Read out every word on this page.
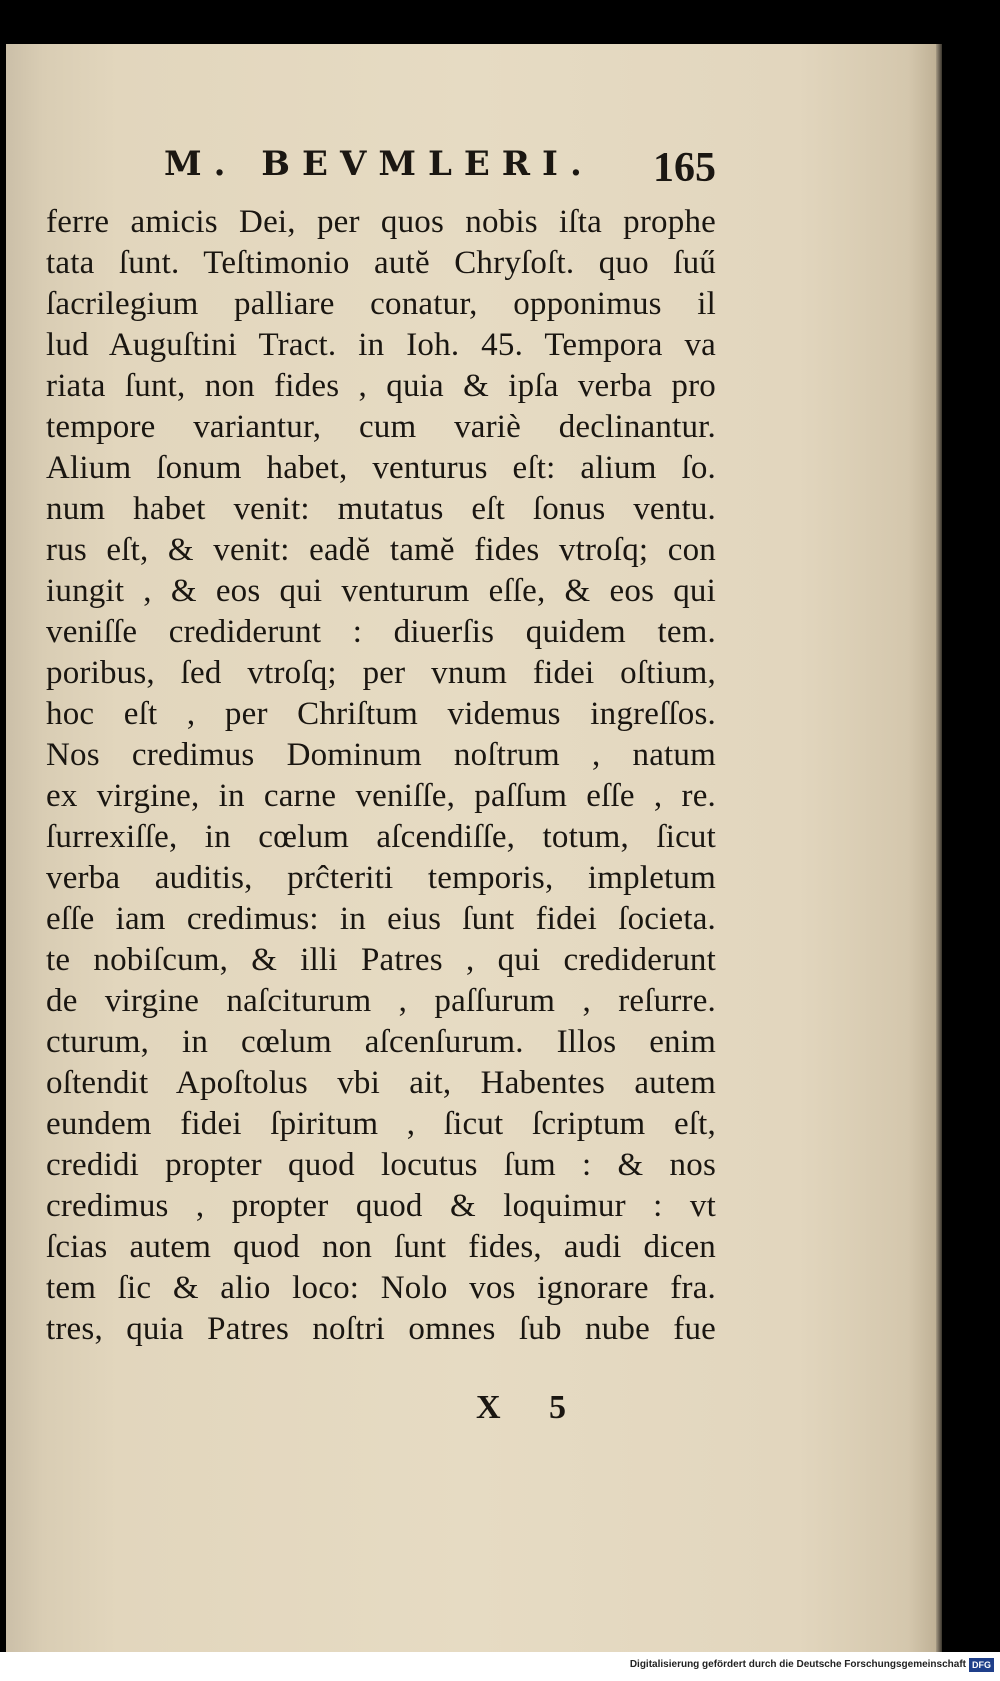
M. BEVMLERI. 165
ferre amicis Dei, per quos nobis iſta prophe
tata ſunt. Teſtimonio autĕ Chryſoſt. quo ſuű
ſacrilegium palliare conatur, opponimus il
lud Auguſtini Tract. in Ioh. 45. Tempora va
riata ſunt, non fides , quia & ipſa verba pro
tempore variantur, cum variè declinantur.
Alium ſonum habet, venturus eſt: alium ſo.
num habet venit: mutatus eſt ſonus ventu.
rus eſt, & venit: eadĕ tamĕ fides vtroſq; con
iungit , & eos qui venturum eſſe, & eos qui
veniſſe crediderunt : diuerſis quidem tem.
poribus, ſed vtroſq; per vnum fidei oſtium,
hoc eſt , per Chriſtum videmus ingreſſos.
Nos credimus Dominum noſtrum , natum
ex virgine, in carne veniſſe, paſſum eſſe , re.
ſurrexiſſe, in cœlum aſcendiſſe, totum, ſicut
verba auditis, prĉteriti temporis, impletum
eſſe iam credimus: in eius ſunt fidei ſocieta.
te nobiſcum, & illi Patres , qui crediderunt
de virgine naſciturum , paſſurum , reſurre.
cturum, in cœlum aſcenſurum. Illos enim
oſtendit Apoſtolus vbi ait, Habentes autem
eundem fidei ſpiritum , ſicut ſcriptum eſt,
credidi propter quod locutus ſum : & nos
credimus , propter quod & loquimur : vt
ſcias autem quod non ſunt fides, audi dicen
tem ſic & alio loco: Nolo vos ignorare fra.
tres, quia Patres noſtri omnes ſub nube fue
X 5
Digitalisierung gefördert durch die Deutsche Forschungsgemeinschaft DFG
